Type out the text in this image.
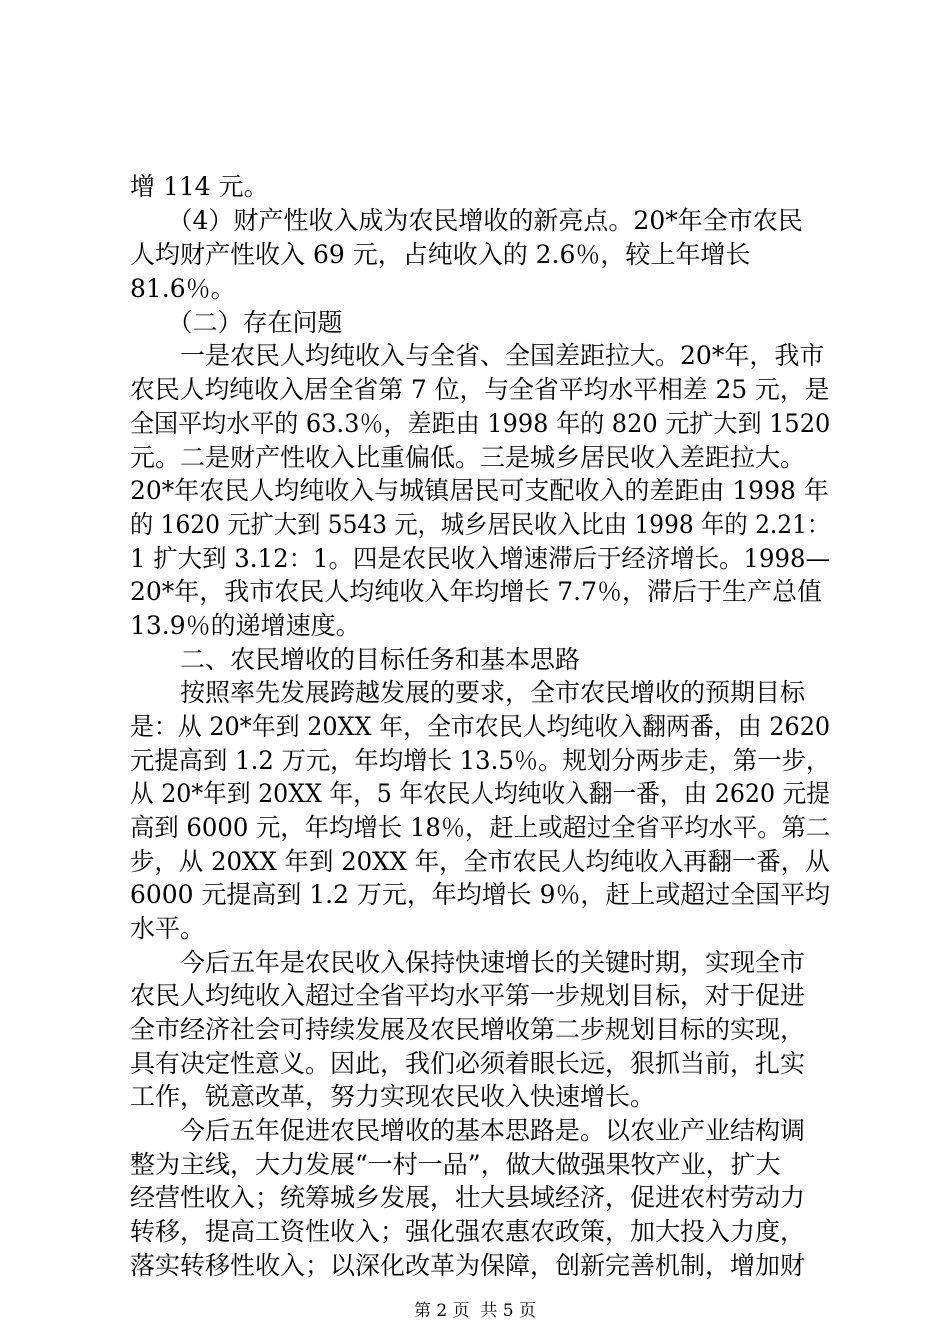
增 114 元。
　　（4）财产性收入成为农民增收的新亮点。20*年全市农民
人均财产性收入 69 元，占纯收入的 2.6％，较上年增长
81.6％。
　　（二）存在问题
　　一是农民人均纯收入与全省、全国差距拉大。20*年，我市
农民人均纯收入居全省第 7 位，与全省平均水平相差 25 元，是
全国平均水平的 63.3％，差距由 1998 年的 820 元扩大到 1520
元。二是财产性收入比重偏低。三是城乡居民收入差距拉大。
20*年农民人均纯收入与城镇居民可支配收入的差距由 1998 年
的 1620 元扩大到 5543 元，城乡居民收入比由 1998 年的 2.21：
1 扩大到 3.12：1。四是农民收入增速滞后于经济增长。1998—
20*年，我市农民人均纯收入年均增长 7.7％，滞后于生产总值
13.9％的递增速度。
　　二、农民增收的目标任务和基本思路
　　按照率先发展跨越发展的要求，全市农民增收的预期目标
是：从 20*年到 20XX 年，全市农民人均纯收入翻两番，由 2620
元提高到 1.2 万元，年均增长 13.5％。规划分两步走，第一步，
从 20*年到 20XX 年，5 年农民人均纯收入翻一番，由 2620 元提
高到 6000 元，年均增长 18％，赶上或超过全省平均水平。第二
步，从 20XX 年到 20XX 年，全市农民人均纯收入再翻一番，从
6000 元提高到 1.2 万元，年均增长 9％，赶上或超过全国平均
水平。
　　今后五年是农民收入保持快速增长的关键时期，实现全市
农民人均纯收入超过全省平均水平第一步规划目标，对于促进
全市经济社会可持续发展及农民增收第二步规划目标的实现，
具有决定性意义。因此，我们必须着眼长远，狠抓当前，扎实
工作，锐意改革，努力实现农民收入快速增长。
　　今后五年促进农民增收的基本思路是。以农业产业结构调
整为主线，大力发展“一村一品”，做大做强果牧产业，扩大
经营性收入；统筹城乡发展，壮大县域经济，促进农村劳动力
转移，提高工资性收入；强化强农惠农政策，加大投入力度，
落实转移性收入；以深化改革为保障，创新完善机制，增加财
第 2 页  共 5 页
